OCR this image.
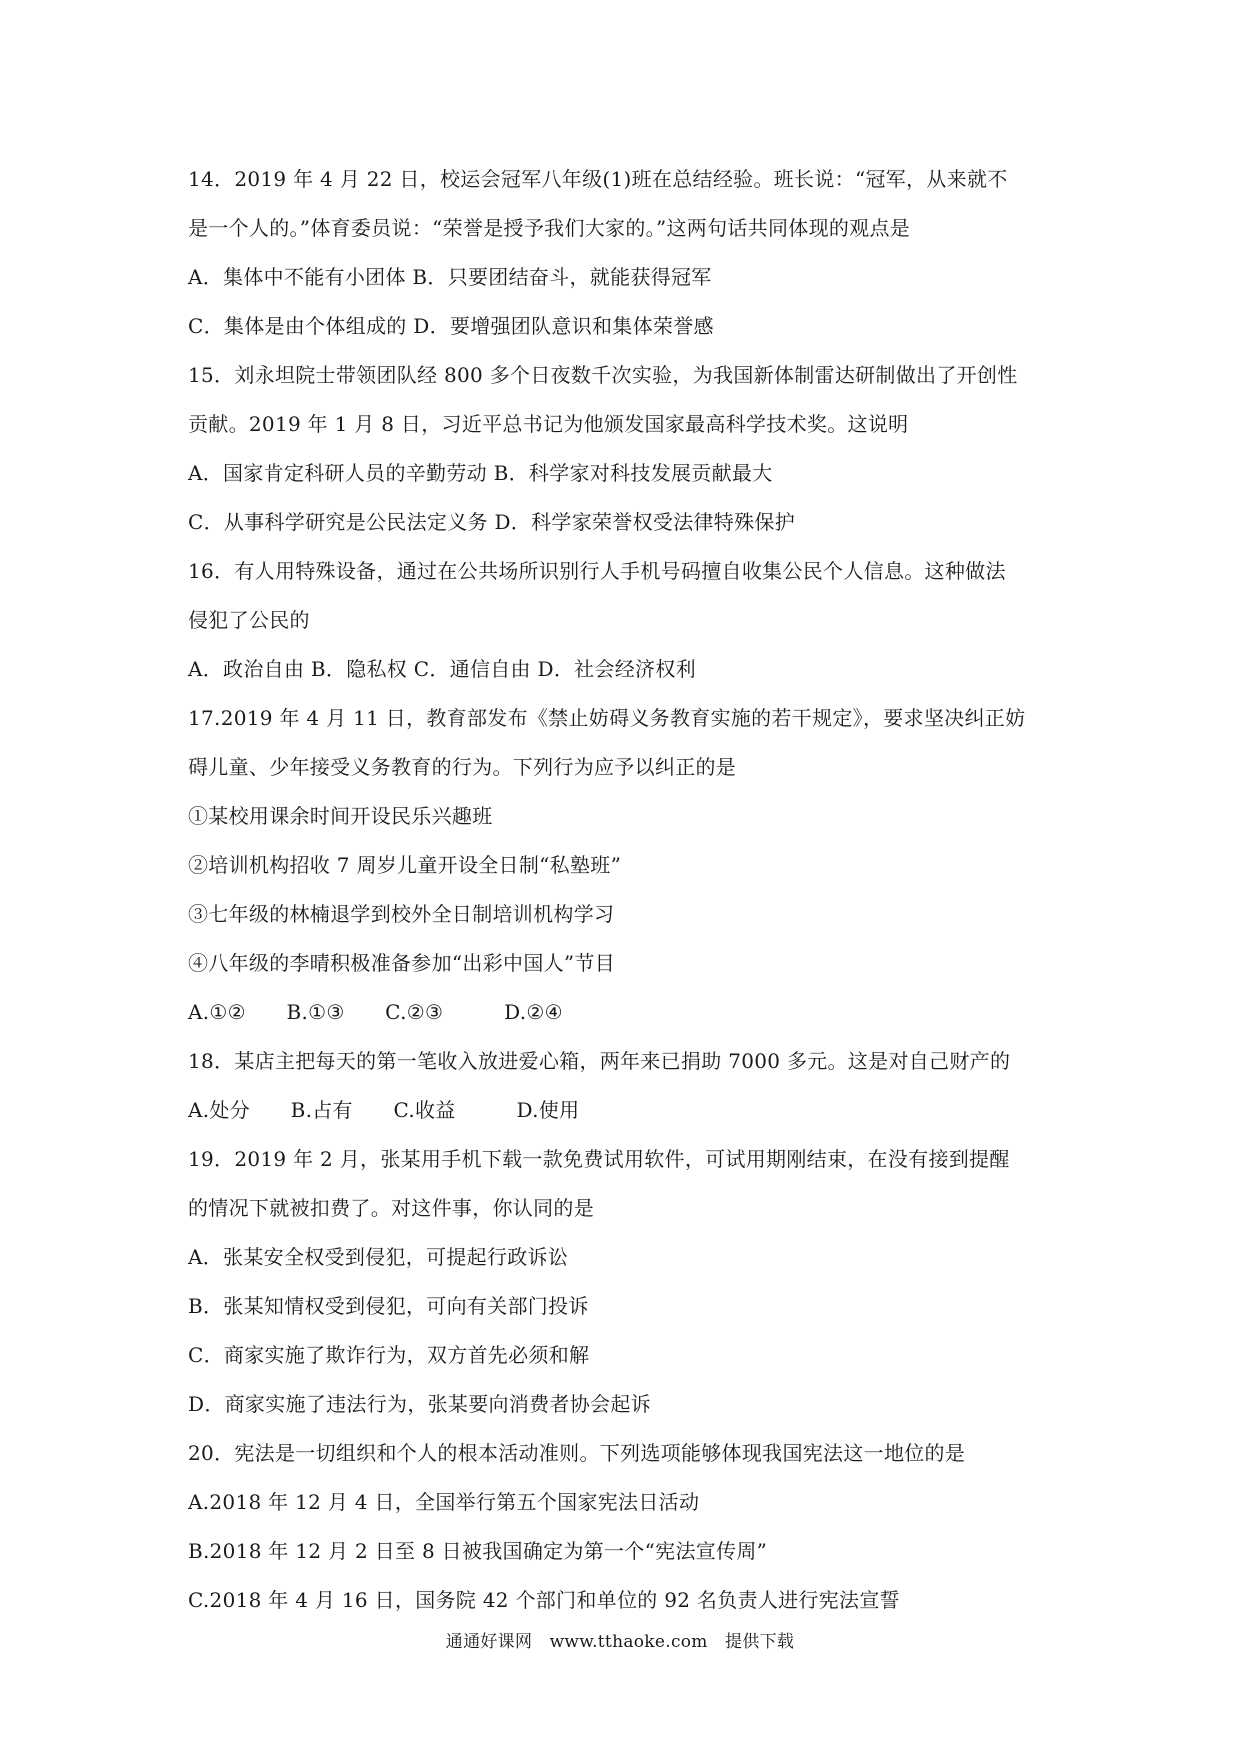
14．2019 年 4 月 22 日，校运会冠军八年级(1)班在总结经验。班长说：“冠军，从来就不
是一个人的。”体育委员说：“荣誉是授予我们大家的。”这两句话共同体现的观点是
A．集体中不能有小团体 B．只要团结奋斗，就能获得冠军
C．集体是由个体组成的 D．要增强团队意识和集体荣誉感
15．刘永坦院士带领团队经 800 多个日夜数千次实验，为我国新体制雷达研制做出了开创性
贡献。2019 年 1 月 8 日，习近平总书记为他颁发国家最高科学技术奖。这说明
A．国家肯定科研人员的辛勤劳动 B．科学家对科技发展贡献最大
C．从事科学研究是公民法定义务 D．科学家荣誉权受法律特殊保护
16．有人用特殊设备，通过在公共场所识别行人手机号码擅自收集公民个人信息。这种做法
侵犯了公民的
A．政治自由 B．隐私权 C．通信自由 D．社会经济权利
17.2019 年 4 月 11 日，教育部发布《禁止妨碍义务教育实施的若干规定》，要求坚决纠正妨
碍儿童、少年接受义务教育的行为。下列行为应予以纠正的是
①某校用课余时间开设民乐兴趣班
②培训机构招收 7 周岁儿童开设全日制“私塾班”
③七年级的林楠退学到校外全日制培训机构学习
④八年级的李晴积极准备参加“出彩中国人”节目
A.①②　　B.①③　　C.②③　　　D.②④
18．某店主把每天的第一笔收入放进爱心箱，两年来已捐助 7000 多元。这是对自己财产的
A.处分　　B.占有　　C.收益　　　D.使用
19．2019 年 2 月，张某用手机下载一款免费试用软件，可试用期刚结束，在没有接到提醒
的情况下就被扣费了。对这件事，你认同的是
A．张某安全权受到侵犯，可提起行政诉讼
B．张某知情权受到侵犯，可向有关部门投诉
C．商家实施了欺诈行为，双方首先必须和解
D．商家实施了违法行为，张某要向消费者协会起诉
20．宪法是一切组织和个人的根本活动准则。下列选项能够体现我国宪法这一地位的是
A.2018 年 12 月 4 日，全国举行第五个国家宪法日活动
B.2018 年 12 月 2 日至 8 日被我国确定为第一个“宪法宣传周”
C.2018 年 4 月 16 日，国务院 42 个部门和单位的 92 名负责人进行宪法宣誓
通通好课网　www.tthaoke.com　提供下载
